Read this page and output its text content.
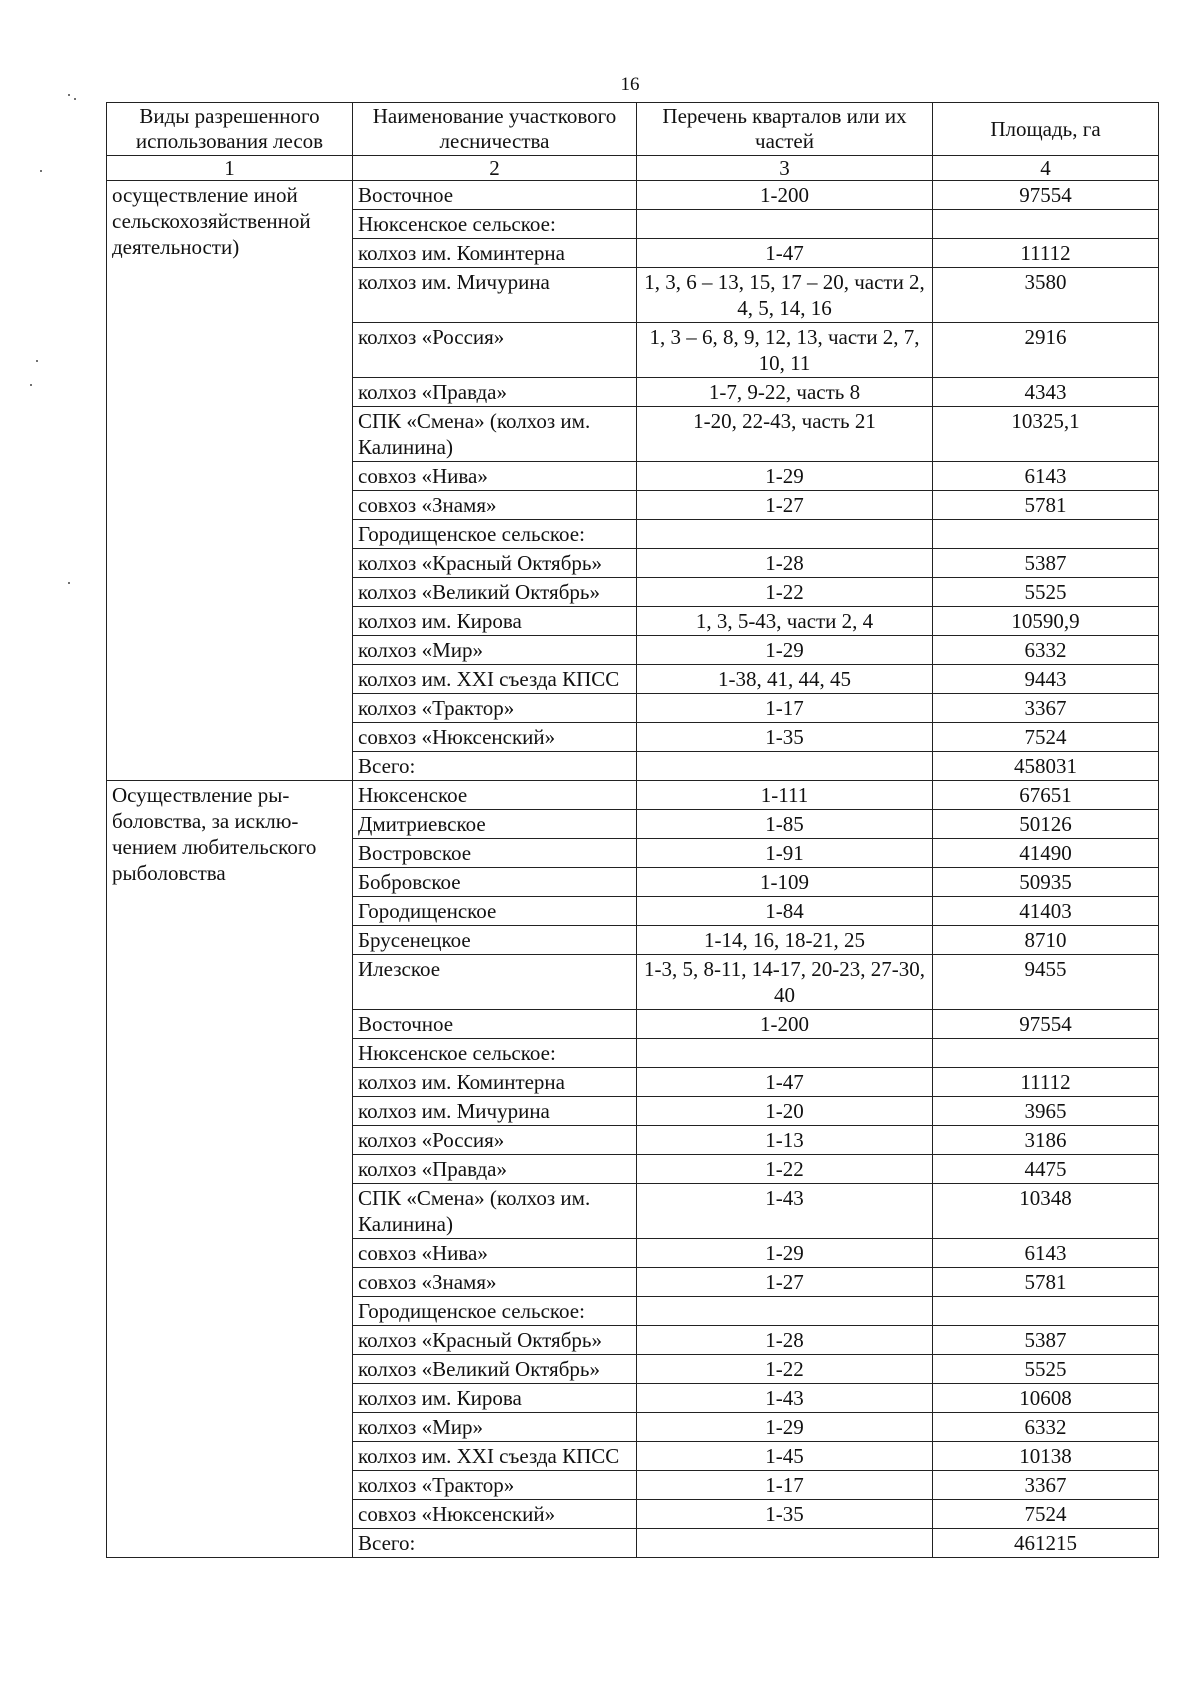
16
Виды разрешенного использования лесов	Наименование участкового лесничества	Перечень кварталов или их частей	Площадь, га
1	2	3	4
осуществление иной сельскохозяйственной деятельности)	Восточное	1-200	97554
	Нюксенское сельское:		
	колхоз им. Коминтерна	1-47	11112
	колхоз им. Мичурина	1, 3, 6 – 13, 15, 17 – 20, части 2, 4, 5, 14, 16	3580
	колхоз «Россия»	1, 3 – 6, 8, 9, 12, 13, части 2, 7, 10, 11	2916
	колхоз «Правда»	1-7, 9-22, часть 8	4343
	СПК «Смена» (колхоз им. Калинина)	1-20, 22-43, часть 21	10325,1
	совхоз «Нива»	1-29	6143
	совхоз «Знамя»	1-27	5781
	Городищенское сельское:		
	колхоз «Красный Октябрь»	1-28	5387
	колхоз «Великий Октябрь»	1-22	5525
	колхоз им. Кирова	1, 3, 5-43, части 2, 4	10590,9
	колхоз «Мир»	1-29	6332
	колхоз им. XXI съезда КПСС	1-38, 41, 44, 45	9443
	колхоз «Трактор»	1-17	3367
	совхоз «Нюксенский»	1-35	7524
	Всего:		458031
Осуществление ры-боловства, за исклю-чением любительского рыболовства	Нюксенское	1-111	67651
	Дмитриевское	1-85	50126
	Востровское	1-91	41490
	Бобровское	1-109	50935
	Городищенское	1-84	41403
	Брусенецкое	1-14, 16, 18-21, 25	8710
	Илезское	1-3, 5, 8-11, 14-17, 20-23, 27-30, 40	9455
	Восточное	1-200	97554
	Нюксенское сельское:		
	колхоз им. Коминтерна	1-47	11112
	колхоз им. Мичурина	1-20	3965
	колхоз «Россия»	1-13	3186
	колхоз «Правда»	1-22	4475
	СПК «Смена» (колхоз им. Калинина)	1-43	10348
	совхоз «Нива»	1-29	6143
	совхоз «Знамя»	1-27	5781
	Городищенское сельское:		
	колхоз «Красный Октябрь»	1-28	5387
	колхоз «Великий Октябрь»	1-22	5525
	колхоз им. Кирова	1-43	10608
	колхоз «Мир»	1-29	6332
	колхоз им. XXI съезда КПСС	1-45	10138
	колхоз «Трактор»	1-17	3367
	совхоз «Нюксенский»	1-35	7524
	Всего:		461215
